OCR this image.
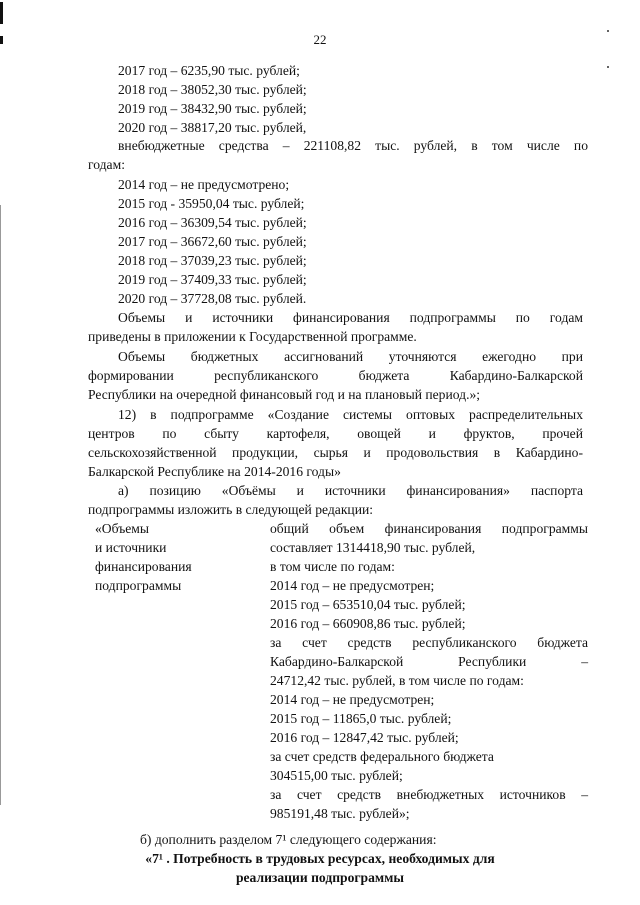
22
2017 год – 6235,90 тыс. рублей;
2018 год – 38052,30 тыс. рублей;
2019 год – 38432,90 тыс. рублей;
2020 год – 38817,20 тыс. рублей,
внебюджетные средства – 221108,82 тыс. рублей, в том числе по
годам:
2014 год – не предусмотрено;
2015 год - 35950,04 тыс. рублей;
2016 год – 36309,54 тыс. рублей;
2017 год – 36672,60 тыс. рублей;
2018 год – 37039,23 тыс. рублей;
2019 год – 37409,33 тыс. рублей;
2020 год – 37728,08 тыс. рублей.
Объемы и источники финансирования подпрограммы по годам
приведены в приложении к Государственной программе.
Объемы бюджетных ассигнований уточняются ежегодно при
формировании республиканского бюджета Кабардино-Балкарской
Республики на очередной финансовый год и на плановый период.»;
12) в подпрограмме «Создание системы оптовых распределительных
центров по сбыту картофеля, овощей и фруктов, прочей
сельскохозяйственной продукции, сырья и продовольствия в Кабардино-
Балкарской Республике на 2014-2016 годы»
а) позицию «Объёмы и источники финансирования» паспорта
подпрограммы изложить в следующей редакции:
«Объемы
и источники
финансирования
подпрограммы
общий объем финансирования подпрограммы
составляет 1314418,90 тыс. рублей,
в том числе по годам:
2014 год – не предусмотрен;
2015 год – 653510,04 тыс. рублей;
2016 год – 660908,86 тыс. рублей;
за счет средств республиканского бюджета
Кабардино-Балкарской Республики –
24712,42 тыс. рублей, в том числе по годам:
2014 год – не предусмотрен;
2015 год – 11865,0 тыс. рублей;
2016 год – 12847,42 тыс. рублей;
за счет средств федерального бюджета
304515,00 тыс. рублей;
за счет средств внебюджетных источников –
985191,48 тыс. рублей»;
б) дополнить разделом 7¹ следующего содержания:
«7¹ . Потребность в трудовых ресурсах, необходимых для
реализации подпрограммы
